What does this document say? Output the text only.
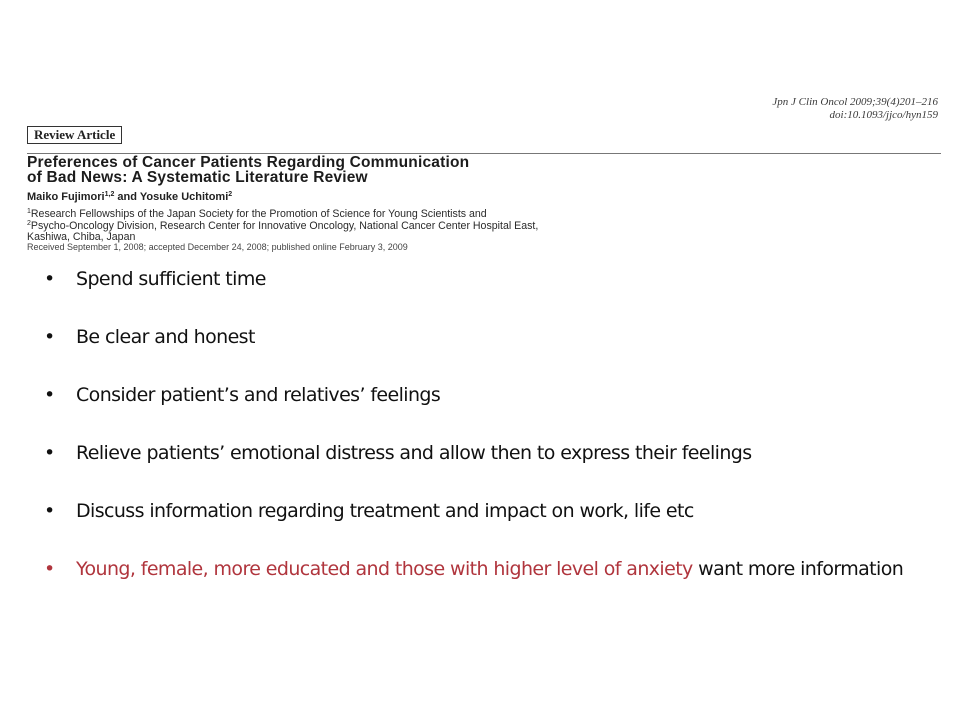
Jpn J Clin Oncol 2009;39(4)201–216
doi:10.1093/jjco/hyn159
Review Article
Preferences of Cancer Patients Regarding Communication
of Bad News: A Systematic Literature Review
Maiko Fujimori$^{1,2}$ and Yosuke Uchitomi$^2$
$^1$Research Fellowships of the Japan Society for the Promotion of Science for Young Scientists and
$^2$Psycho-Oncology Division, Research Center for Innovative Oncology, National Cancer Center Hospital East,
Kashiwa, Chiba, Japan
Received September 1, 2008; accepted December 24, 2008; published online February 3, 2009
• Spend sufficient time
• Be clear and honest
• Consider patient’s and relatives’ feelings
• Relieve patients’ emotional distress and allow then to express their feelings
• Discuss information regarding treatment and impact on work, life etc
• Young, female, more educated and those with higher level of anxiety want more information
